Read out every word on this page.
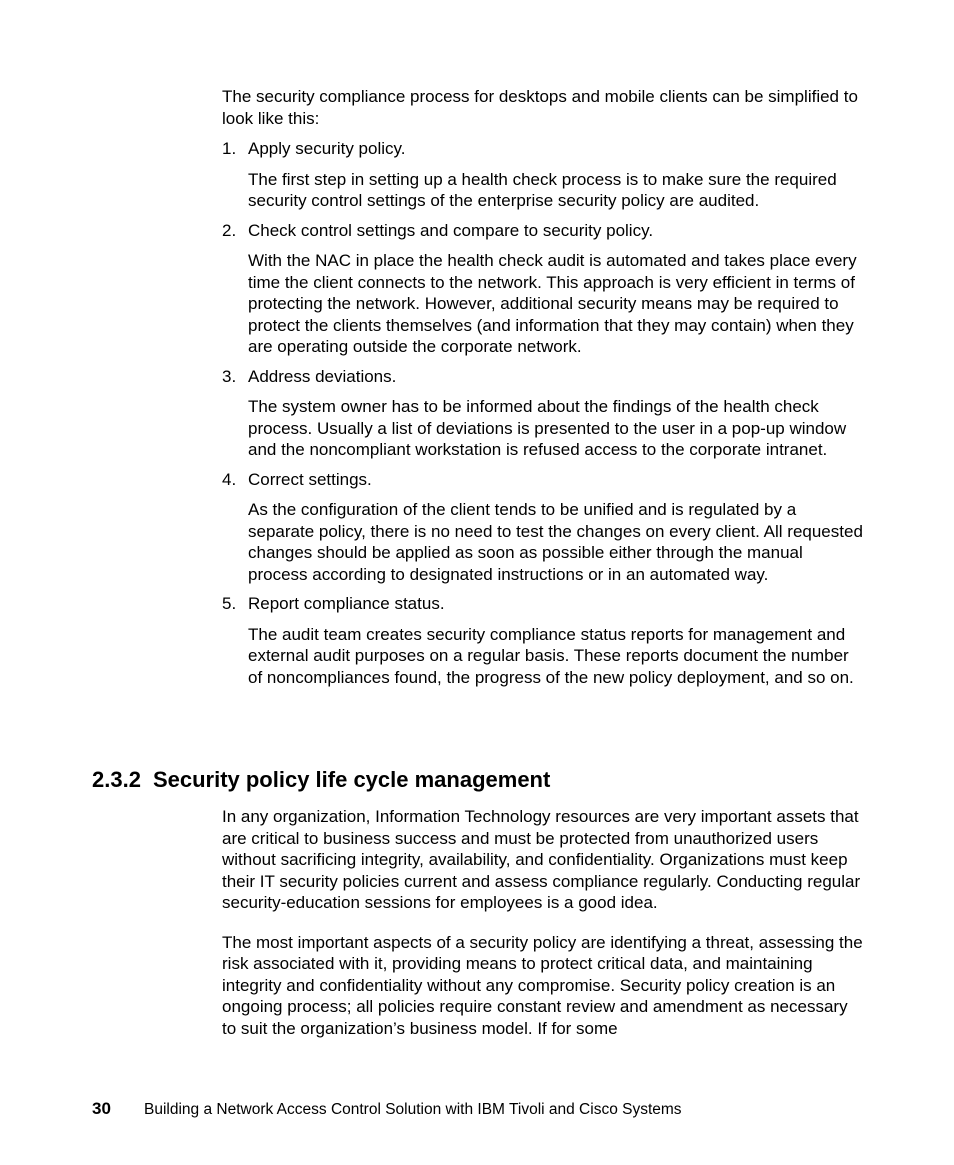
The security compliance process for desktops and mobile clients can be simplified to look like this:

1. Apply security policy.
The first step in setting up a health check process is to make sure the required security control settings of the enterprise security policy are audited.
2. Check control settings and compare to security policy.
With the NAC in place the health check audit is automated and takes place every time the client connects to the network. This approach is very efficient in terms of protecting the network. However, additional security means may be required to protect the clients themselves (and information that they may contain) when they are operating outside the corporate network.
3. Address deviations.
The system owner has to be informed about the findings of the health check process. Usually a list of deviations is presented to the user in a pop-up window and the noncompliant workstation is refused access to the corporate intranet.
4. Correct settings.
As the configuration of the client tends to be unified and is regulated by a separate policy, there is no need to test the changes on every client. All requested changes should be applied as soon as possible either through the manual process according to designated instructions or in an automated way.
5. Report compliance status.
The audit team creates security compliance status reports for management and external audit purposes on a regular basis. These reports document the number of noncompliances found, the progress of the new policy deployment, and so on.
2.3.2 Security policy life cycle management

In any organization, Information Technology resources are very important assets that are critical to business success and must be protected from unauthorized users without sacrificing integrity, availability, and confidentiality. Organizations must keep their IT security policies current and assess compliance regularly. Conducting regular security-education sessions for employees is a good idea.

The most important aspects of a security policy are identifying a threat, assessing the risk associated with it, providing means to protect critical data, and maintaining integrity and confidentiality without any compromise. Security policy creation is an ongoing process; all policies require constant review and amendment as necessary to suit the organization’s business model. If for some

30	Building a Network Access Control Solution with IBM Tivoli and Cisco Systems
